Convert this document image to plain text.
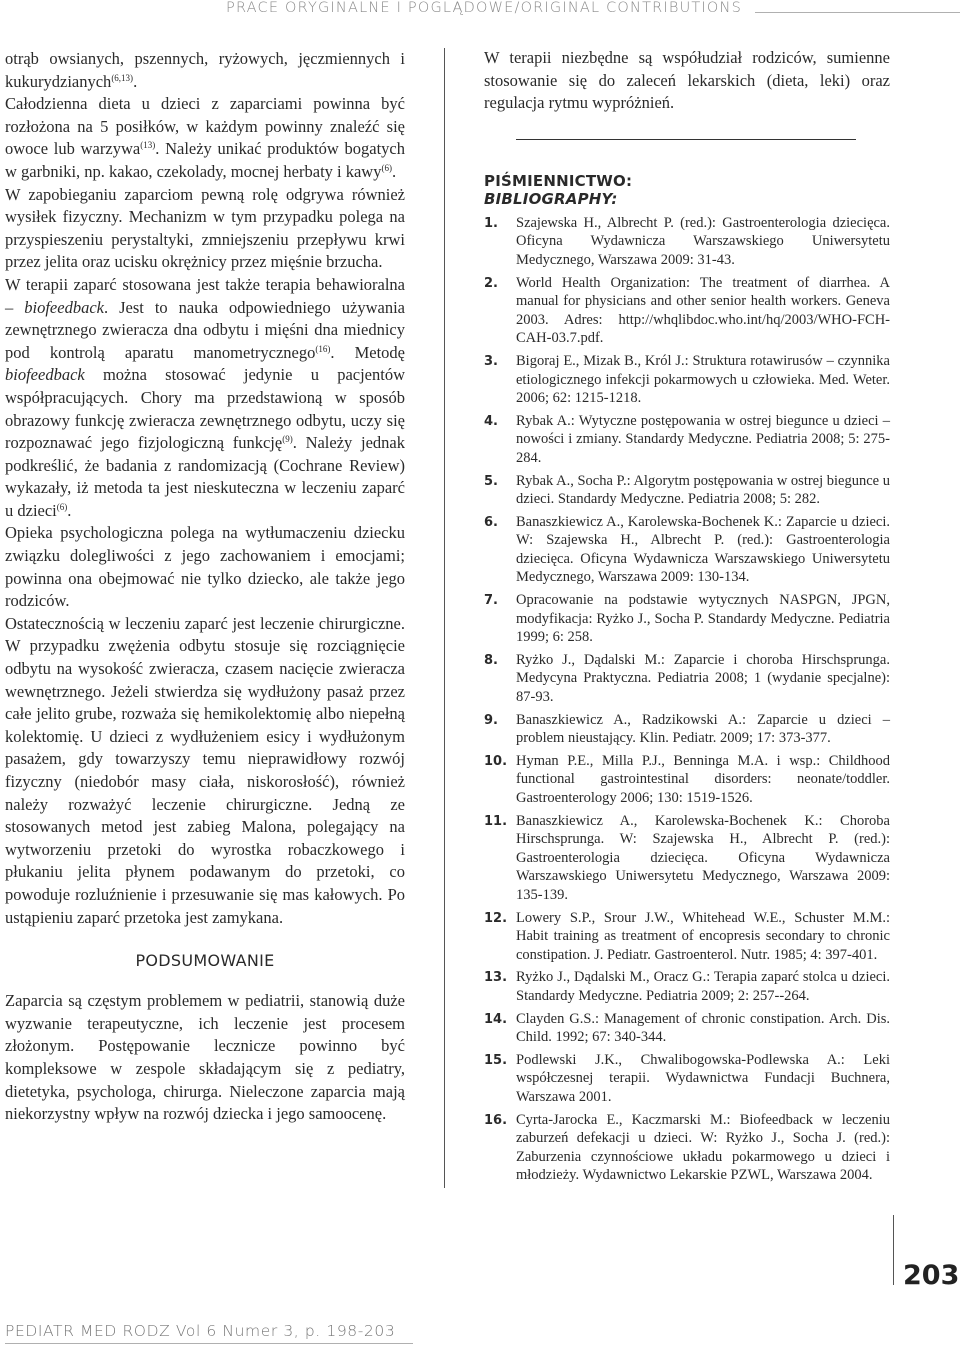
PRACE ORYGINALNE I POGLĄDOWE/ORIGINAL CONTRIBUTIONS

otrąb owsianych, pszennych, ryżowych, jęczmiennych i kukurydzianych$^{(6,13)}$.

Całodzienna dieta u dzieci z zaparciami powinna być rozłożona na 5 posiłków, w każdym powinny znaleźć się owoce lub warzywa$^{(13)}$. Należy unikać produktów bogatych w garbniki, np. kakao, czekolady, mocnej herbaty i kawy$^{(6)}$.

W zapobieganiu zaparciom pewną rolę odgrywa również wysiłek fizyczny. Mechanizm w tym przypadku polega na przyspieszeniu perystaltyki, zmniejszeniu przepływu krwi przez jelita oraz ucisku okrężnicy przez mięśnie brzucha.

W terapii zaparć stosowana jest także terapia behawioralna – biofeedback. Jest to nauka odpowiedniego używania zewnętrznego zwieracza dna odbytu i mięśni dna miednicy pod kontrolą aparatu manometrycznego$^{(16)}$. Metodę biofeedback można stosować jedynie u pacjentów współpracujących. Chory ma przedstawioną w sposób obrazowy funkcję zwieracza zewnętrznego odbytu, uczy się rozpoznawać jego fizjologiczną funkcję$^{(9)}$. Należy jednak podkreślić, że badania z randomizacją (Cochrane Review) wykazały, iż metoda ta jest nieskuteczna w leczeniu zaparć u dzieci$^{(6)}$.

Opieka psychologiczna polega na wytłumaczeniu dziecku związku dolegliwości z jego zachowaniem i emocjami; powinna ona obejmować nie tylko dziecko, ale także jego rodziców.

Ostatecznością w leczeniu zaparć jest leczenie chirurgiczne. W przypadku zwężenia odbytu stosuje się rozciągnięcie odbytu na wysokość zwieracza, czasem nacięcie zwieracza wewnętrznego. Jeżeli stwierdza się wydłużony pasaż przez całe jelito grube, rozważa się hemikolektomię albo niepełną kolektomię. U dzieci z wydłużeniem esicy i wydłużonym pasażem, gdy towarzyszy temu nieprawidłowy rozwój fizyczny (niedobór masy ciała, niskorosłość), również należy rozważyć leczenie chirurgiczne. Jedną ze stosowanych metod jest zabieg Malona, polegający na wytworzeniu przetoki do wyrostka robaczkowego i płukaniu jelita płynem podawanym do przetoki, co powoduje rozluźnienie i przesuwanie się mas kałowych. Po ustąpieniu zaparć przetoka jest zamykana.

PODSUMOWANIE

Zaparcia są częstym problemem w pediatrii, stanowią duże wyzwanie terapeutyczne, ich leczenie jest procesem złożonym. Postępowanie lecznicze powinno być kompleksowe w zespole składającym się z pediatry, dietetyka, psychologa, chirurga. Nieleczone zaparcia mają niekorzystny wpływ na rozwój dziecka i jego samoocenę.

W terapii niezbędne są współudział rodziców, sumienne stosowanie się do zaleceń lekarskich (dieta, leki) oraz regulacja rytmu wypróżnień.

PIŚMIENNICTWO:
BIBLIOGRAPHY:
1. Szajewska H., Albrecht P. (red.): Gastroenterologia dziecięca. Oficyna Wydawnicza Warszawskiego Uniwersytetu Medycznego, Warszawa 2009: 31-43.
2. World Health Organization: The treatment of diarrhea. A manual for physicians and other senior health workers. Geneva 2003. Adres: http://whqlibdoc.who.int/hq/2003/WHO-FCH-CAH-03.7.pdf.
3. Bigoraj E., Mizak B., Król J.: Struktura rotawirusów – czynnika etiologicznego infekcji pokarmowych u człowieka. Med. Weter. 2006; 62: 1215-1218.
4. Rybak A.: Wytyczne postępowania w ostrej biegunce u dzieci – nowości i zmiany. Standardy Medyczne. Pediatria 2008; 5: 275-284.
5. Rybak A., Socha P.: Algorytm postępowania w ostrej biegunce u dzieci. Standardy Medyczne. Pediatria 2008; 5: 282.
6. Banaszkiewicz A., Karolewska-Bochenek K.: Zaparcie u dzieci. W: Szajewska H., Albrecht P. (red.): Gastroenterologia dziecięca. Oficyna Wydawnicza Warszawskiego Uniwersytetu Medycznego, Warszawa 2009: 130-134.
7. Opracowanie na podstawie wytycznych NASPGN, JPGN, modyfikacja: Ryżko J., Socha P. Standardy Medyczne. Pediatria 1999; 6: 258.
8. Ryżko J., Dądalski M.: Zaparcie i choroba Hirschsprunga. Medycyna Praktyczna. Pediatria 2008; 1 (wydanie specjalne): 87-93.
9. Banaszkiewicz A., Radzikowski A.: Zaparcie u dzieci – problem nieustający. Klin. Pediatr. 2009; 17: 373-377.
10. Hyman P.E., Milla P.J., Benninga M.A. i wsp.: Childhood functional gastrointestinal disorders: neonate/toddler. Gastroenterology 2006; 130: 1519-1526.
11. Banaszkiewicz A., Karolewska-Bochenek K.: Choroba Hirschsprunga. W: Szajewska H., Albrecht P. (red.): Gastroenterologia dziecięca. Oficyna Wydawnicza Warszawskiego Uniwersytetu Medycznego, Warszawa 2009: 135-139.
12. Lowery S.P., Srour J.W., Whitehead W.E., Schuster M.M.: Habit training as treatment of encopresis secondary to chronic constipation. J. Pediatr. Gastroenterol. Nutr. 1985; 4: 397-401.
13. Ryżko J., Dądalski M., Oracz G.: Terapia zaparć stolca u dzieci. Standardy Medyczne. Pediatria 2009; 2: 257--264.
14. Clayden G.S.: Management of chronic constipation. Arch. Dis. Child. 1992; 67: 340-344.
15. Podlewski J.K., Chwalibogowska-Podlewska A.: Leki współczesnej terapii. Wydawnictwa Fundacji Buchnera, Warszawa 2001.
16. Cyrta-Jarocka E., Kaczmarski M.: Biofeedback w leczeniu zaburzeń defekacji u dzieci. W: Ryżko J., Socha J. (red.): Zaburzenia czynnościowe układu pokarmowego u dzieci i młodzieży. Wydawnictwo Lekarskie PZWL, Warszawa 2004.
203
PEDIATR MED RODZ Vol 6 Numer 3, p. 198-203
